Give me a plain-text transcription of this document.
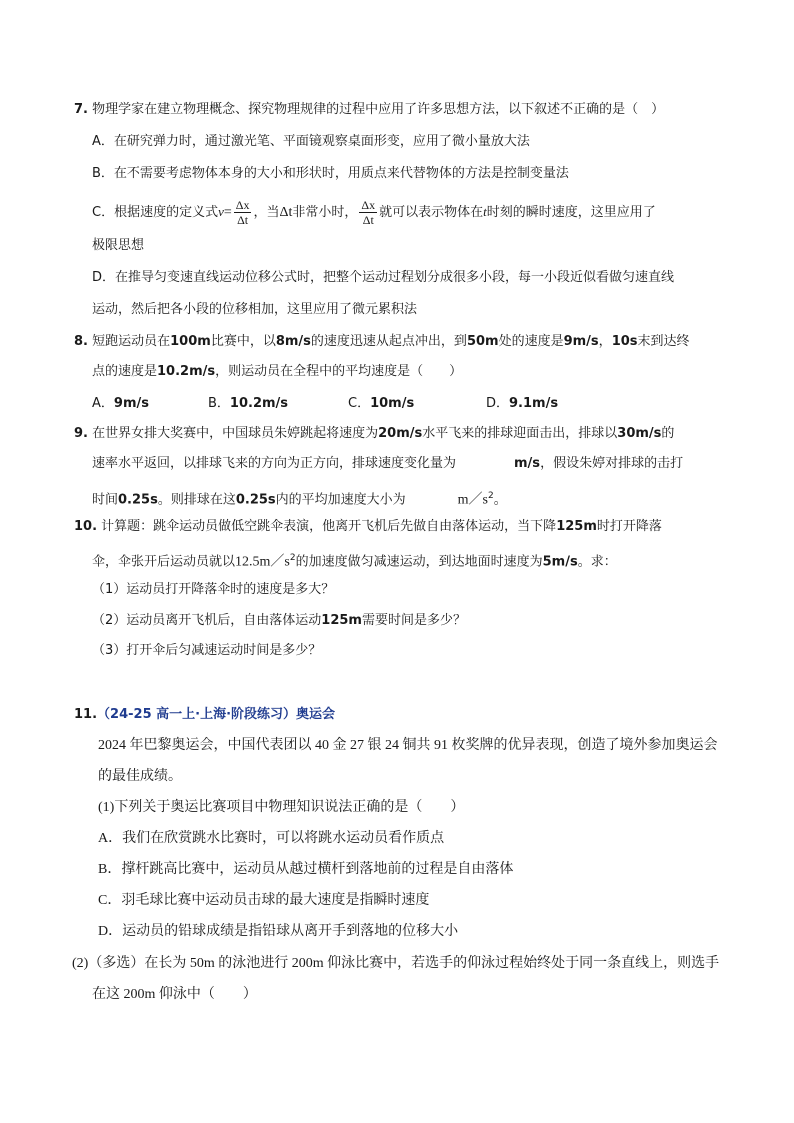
7. 物理学家在建立物理概念、探究物理规律的过程中应用了许多思想方法，以下叙述不正确的是（　）
A．在研究弹力时，通过激光笔、平面镜观察桌面形变，应用了微小量放大法
B．在不需要考虑物体本身的大小和形状时，用质点来代替物体的方法是控制变量法
C．根据速度的定义式$v= \frac{\Delta x}{\Delta t}$ ，当Δt非常小时， $\frac{\Delta x}{\Delta t}$ 就可以表示物体在t时刻的瞬时速度，这里应用了
极限思想
D．在推导匀变速直线运动位移公式时，把整个运动过程划分成很多小段，每一小段近似看做匀速直线
运动，然后把各小段的位移相加，这里应用了微元累积法
8. 短跑运动员在100m比赛中，以8m/s的速度迅速从起点冲出，到50m处的速度是9m/s，10s末到达终
点的速度是10.2m/s，则运动员在全程中的平均速度是（　　）
A．9m/s	B．10.2m/s	C．10m/s	D．9.1m/s
9. 在世界女排大奖赛中，中国球员朱婷跳起将速度为20m/s水平飞来的排球迎面击出，排球以30m/s的
速率水平返回，以排球飞来的方向为正方向，排球速度变化量为	m/s，假设朱婷对排球的击打
时间0.25s。则排球在这0.25s内的平均加速度大小为	$m/s^2$。
10. 计算题：跳伞运动员做低空跳伞表演，他离开飞机后先做自由落体运动，当下降125m时打开降落
伞，伞张开后运动员就以$12.5m/s^2$的加速度做匀减速运动，到达地面时速度为5m/s。求：
（1）运动员打开降落伞时的速度是多大？
（2）运动员离开飞机后，自由落体运动125m需要时间是多少？
（3）打开伞后匀减速运动时间是多少？
11.（24-25 高一上·上海·阶段练习）奥运会
2024 年巴黎奥运会，中国代表团以 40 金 27 银 24 铜共 91 枚奖牌的优异表现，创造了境外参加奥运会
的最佳成绩。
(1)下列关于奥运比赛项目中物理知识说法正确的是（　　）
A．我们在欣赏跳水比赛时，可以将跳水运动员看作质点
B．撑杆跳高比赛中，运动员从越过横杆到落地前的过程是自由落体
C．羽毛球比赛中运动员击球的最大速度是指瞬时速度
D．运动员的铅球成绩是指铅球从离开手到落地的位移大小
(2)（多选）在长为 50m 的泳池进行 200m 仰泳比赛中，若选手的仰泳过程始终处于同一条直线上，则选手
在这 200m 仰泳中（　　）
